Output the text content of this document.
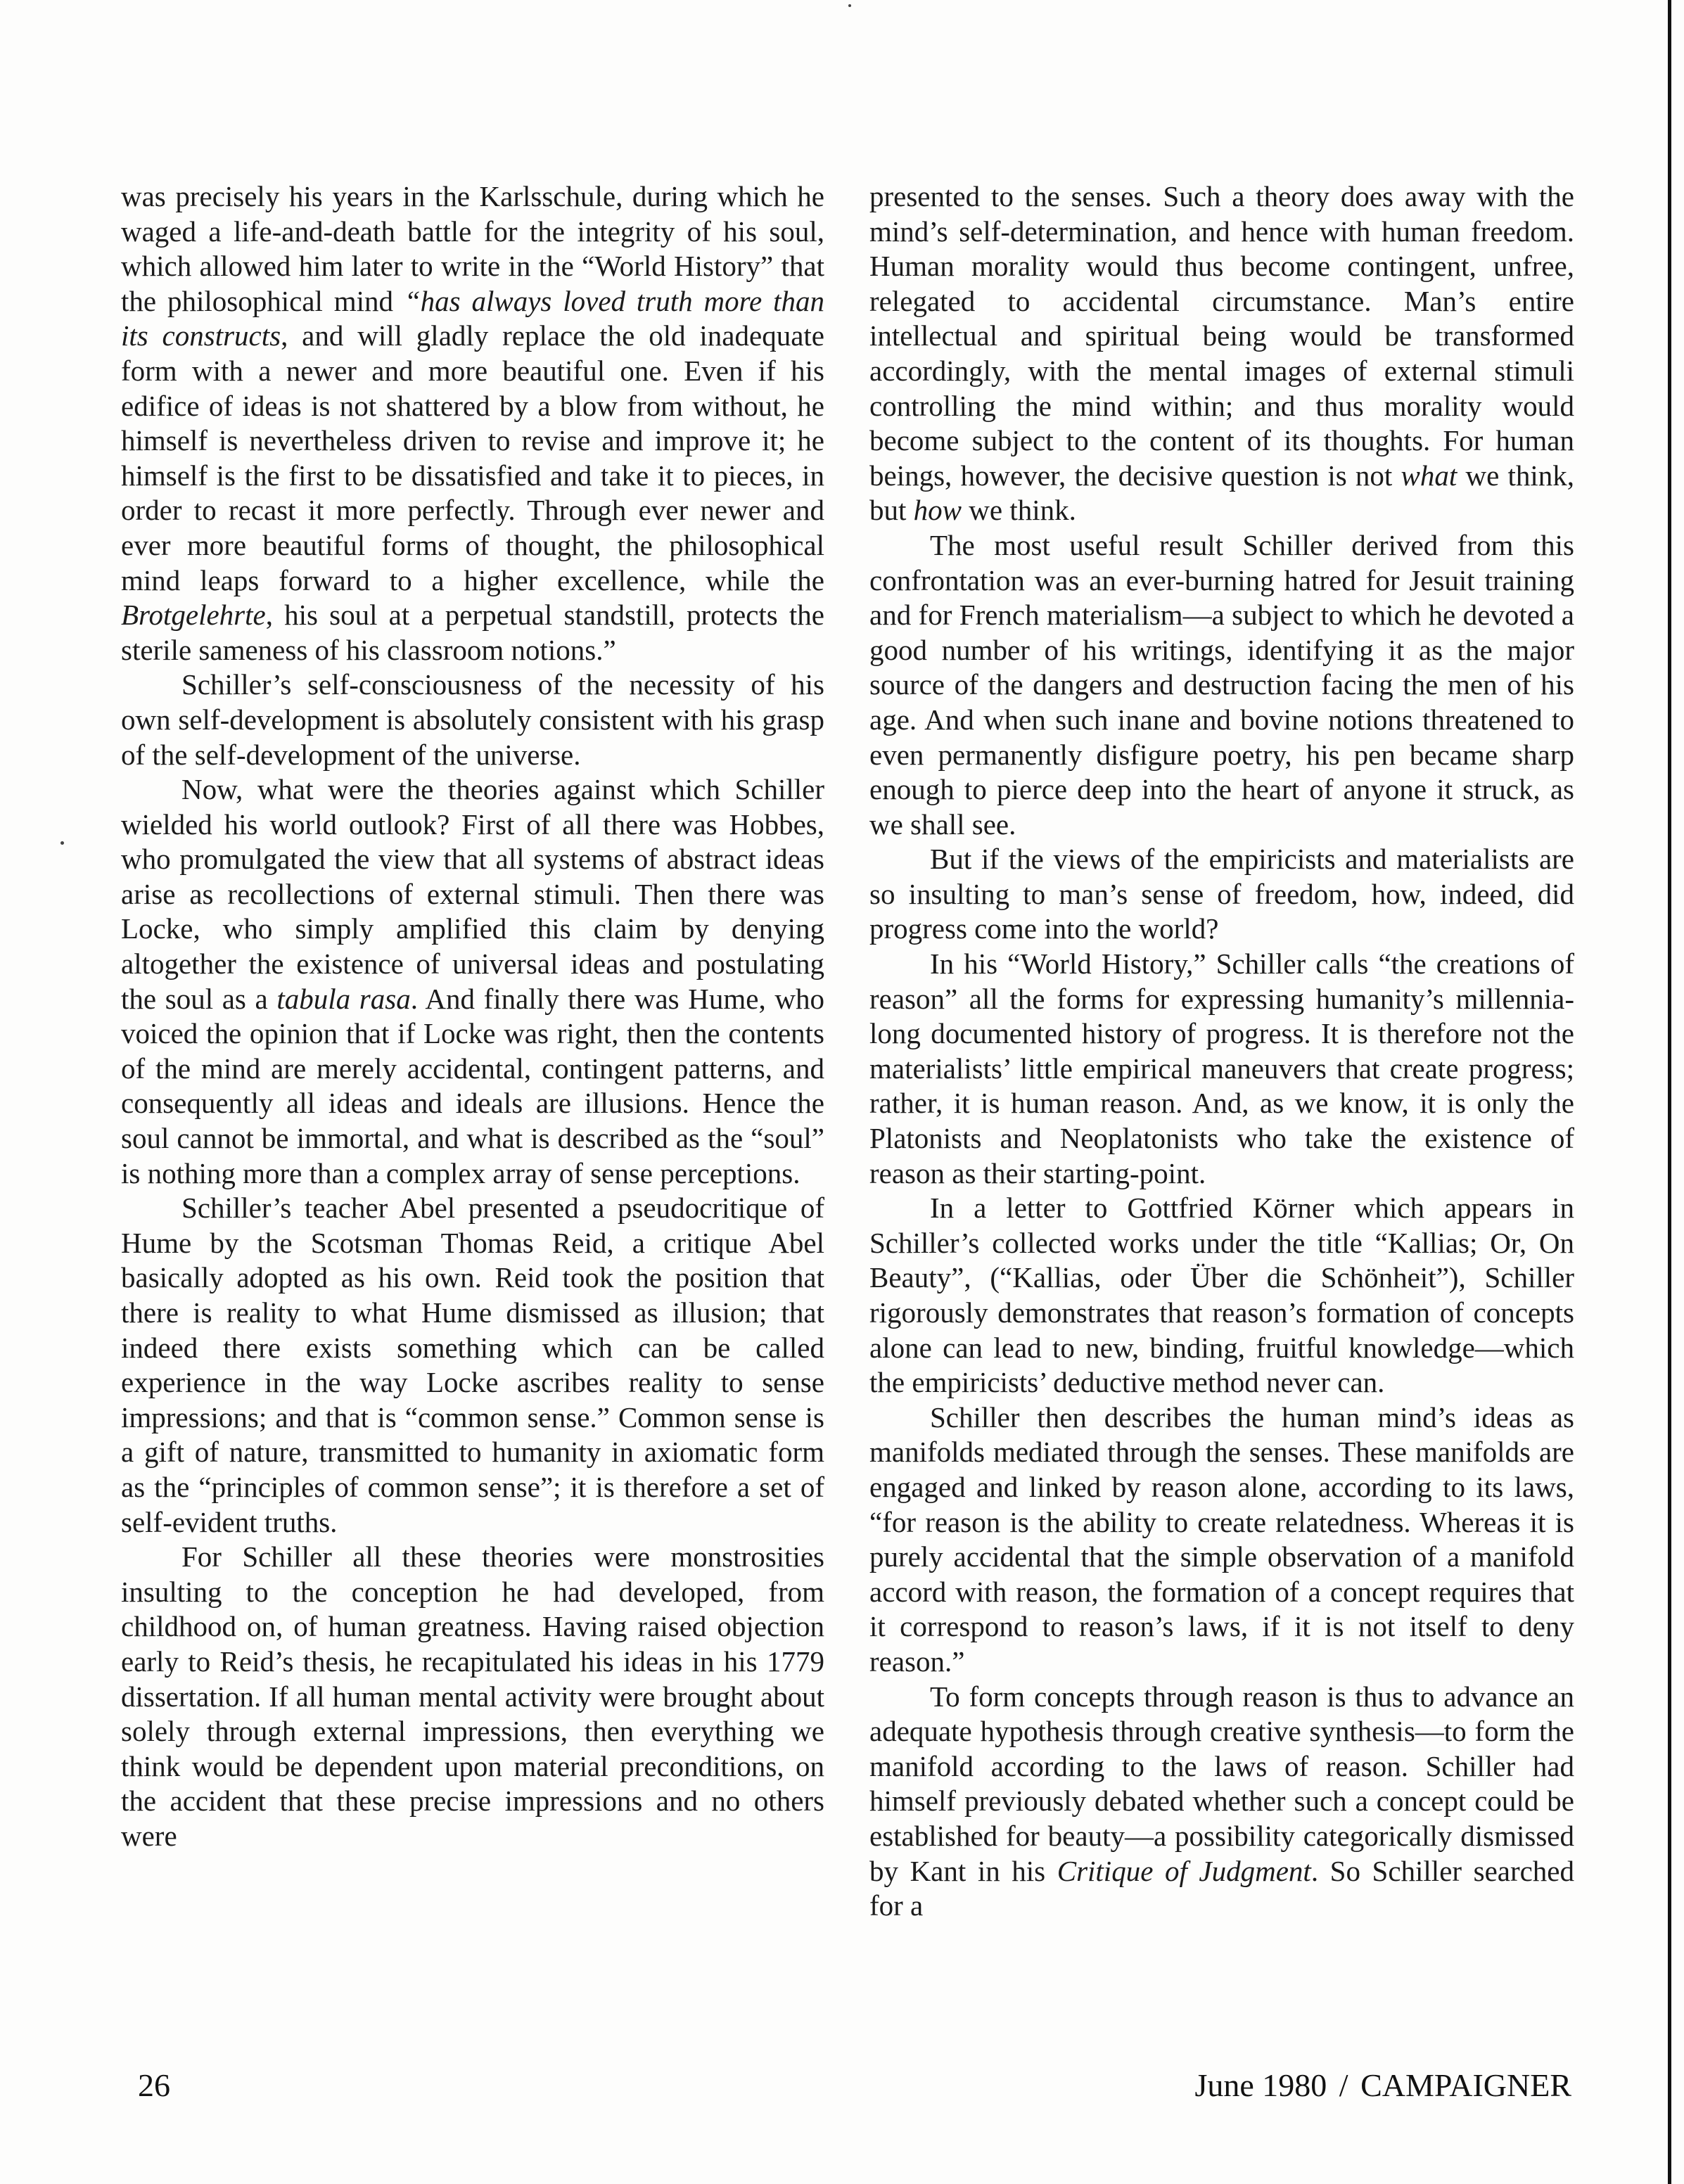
was precisely his years in the Karlsschule, during which he waged a life-and-death battle for the integrity of his soul, which allowed him later to write in the “World History” that the philosophical mind “has always loved truth more than its constructs, and will gladly replace the old inadequate form with a newer and more beautiful one. Even if his edifice of ideas is not shattered by a blow from without, he himself is nevertheless driven to revise and improve it; he himself is the first to be dissatisfied and take it to pieces, in order to recast it more perfectly. Through ever newer and ever more beautiful forms of thought, the philosophical mind leaps forward to a higher excellence, while the Brotgelehrte, his soul at a perpetual standstill, protects the sterile sameness of his classroom notions.”

Schiller’s self-consciousness of the necessity of his own self-development is absolutely consistent with his grasp of the self-development of the universe.

Now, what were the theories against which Schiller wielded his world outlook? First of all there was Hobbes, who promulgated the view that all systems of abstract ideas arise as recollections of external stimuli. Then there was Locke, who simply amplified this claim by denying altogether the existence of universal ideas and postulating the soul as a tabula rasa. And finally there was Hume, who voiced the opinion that if Locke was right, then the contents of the mind are merely accidental, contingent patterns, and consequently all ideas and ideals are illusions. Hence the soul cannot be immortal, and what is described as the “soul” is nothing more than a complex array of sense perceptions.

Schiller’s teacher Abel presented a pseudocritique of Hume by the Scotsman Thomas Reid, a critique Abel basically adopted as his own. Reid took the position that there is reality to what Hume dismissed as illusion; that indeed there exists something which can be called experience in the way Locke ascribes reality to sense impressions; and that is “common sense.” Common sense is a gift of nature, transmitted to humanity in axiomatic form as the “principles of common sense”; it is therefore a set of self-evident truths.

For Schiller all these theories were monstrosities insulting to the conception he had developed, from childhood on, of human greatness. Having raised objection early to Reid’s thesis, he recapitulated his ideas in his 1779 dissertation. If all human mental activity were brought about solely through external impressions, then everything we think would be dependent upon material preconditions, on the accident that these precise impressions and no others were

presented to the senses. Such a theory does away with the mind’s self-determination, and hence with human freedom. Human morality would thus become contingent, unfree, relegated to accidental circumstance. Man’s entire intellectual and spiritual being would be transformed accordingly, with the mental images of external stimuli controlling the mind within; and thus morality would become subject to the content of its thoughts. For human beings, however, the decisive question is not what we think, but how we think.

The most useful result Schiller derived from this confrontation was an ever-burning hatred for Jesuit training and for French materialism—a subject to which he devoted a good number of his writings, identifying it as the major source of the dangers and destruction facing the men of his age. And when such inane and bovine notions threatened to even permanently disfigure poetry, his pen became sharp enough to pierce deep into the heart of anyone it struck, as we shall see.

But if the views of the empiricists and materialists are so insulting to man’s sense of freedom, how, indeed, did progress come into the world?

In his “World History,” Schiller calls “the creations of reason” all the forms for expressing humanity’s millennia-long documented history of progress. It is therefore not the materialists’ little empirical maneuvers that create progress; rather, it is human reason. And, as we know, it is only the Platonists and Neoplatonists who take the existence of reason as their starting-point.

In a letter to Gottfried Körner which appears in Schiller’s collected works under the title “Kallias; Or, On Beauty”, (“Kallias, oder Über die Schönheit”), Schiller rigorously demonstrates that reason’s formation of concepts alone can lead to new, binding, fruitful knowledge—which the empiricists’ deductive method never can.

Schiller then describes the human mind’s ideas as manifolds mediated through the senses. These manifolds are engaged and linked by reason alone, according to its laws, “for reason is the ability to create relatedness. Whereas it is purely accidental that the simple observation of a manifold accord with reason, the formation of a concept requires that it correspond to reason’s laws, if it is not itself to deny reason.”

To form concepts through reason is thus to advance an adequate hypothesis through creative synthesis—to form the manifold according to the laws of reason. Schiller had himself previously debated whether such a concept could be established for beauty—a possibility categorically dismissed by Kant in his Critique of Judgment. So Schiller searched for a

26	June 1980 / CAMPAIGNER
